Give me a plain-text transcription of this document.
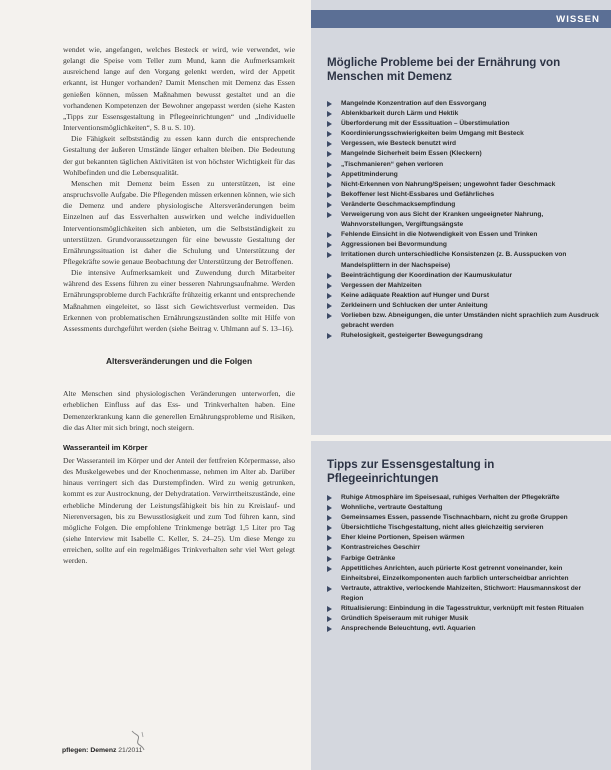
WISSEN
Mögliche Probleme bei der Ernährung von Menschen mit Demenz
Mangelnde Konzentration auf den Essvorgang
Ablenkbarkeit durch Lärm und Hektik
Überforderung mit der Esssituation – Überstimulation
Koordinierungsschwierigkeiten beim Umgang mit Besteck
Vergessen, wie Besteck benutzt wird
Mangelnde Sicherheit beim Essen (Kleckern)
„Tischmanieren“ gehen verloren
Appetitminderung
Nicht-Erkennen von Nahrung/Speisen; ungewohnt fader Geschmack
Bekoffener lest Nicht-Essbares und Gefährliches
Veränderte Geschmacksempfindung
Verweigerung von aus Sicht der Kranken ungeeigneter Nahrung, Wahnvorstellungen, Vergiftungsängste
Fehlende Einsicht in die Notwendigkeit von Essen und Trinken
Aggressionen bei Bevormundung
Irritationen durch unterschiedliche Konsistenzen (z. B. Ausspucken von Mandelsplittern in der Nachspeise)
Beeinträchtigung der Koordination der Kaumuskulatur
Vergessen der Mahlzeiten
Keine adäquate Reaktion auf Hunger und Durst
Zerkleinern und Schlucken der unter Anleitung
Vorlieben bzw. Abneigungen, die unter Umständen nicht sprachlich zum Ausdruck gebracht werden
Ruhelosigkeit, gesteigerter Bewegungsdrang
Tipps zur Essensgestaltung in Pflegeeinrichtungen
Ruhige Atmosphäre im Speisesaal, ruhiges Verhalten der Pflegekräfte
Wohnliche, vertraute Gestaltung
Gemeinsames Essen, passende Tischnachbarn, nicht zu große Gruppen
Übersichtliche Tischgestaltung, nicht alles gleichzeitig servieren
Eher kleine Portionen, Speisen wärmen
Kontrastreiches Geschirr
Farbige Getränke
Appetitliches Anrichten, auch pürierte Kost getrennt voneinander, kein Einheitsbrei, Einzelkomponenten auch farblich unterscheidbar anrichten
Vertraute, attraktive, verlockende Mahlzeiten, Stichwort: Hausmannskost der Region
Ritualisierung: Einbindung in die Tagesstruktur, verknüpft mit festen Ritualen
Gründlich Speiseraum mit ruhiger Musik
Ansprechende Beleuchtung, evtl. Aquarien

wendet wie, angefangen, welches Besteck er wird, wie verwendet, wie gelangt die Speise vom Teller zum Mund, kann die Aufmerksamkeit ausreichend lange auf den Vorgang gelenkt werden, wird der Appetit erkannt, ist Hunger vorhanden? Damit Menschen mit Demenz das Essen genießen können, müssen Maßnahmen bewusst gestaltet und an die vorhandenen Kompetenzen der Bewohner angepasst werden (siehe Kasten „Tipps zur Essensgestaltung in Pflegeeinrichtungen“ und „Individuelle Interventionsmöglichkeiten“, S. 8 u. S. 10).

Die Fähigkeit selbstständig zu essen kann durch die entsprechende Gestaltung der äußeren Umstände länger erhalten bleiben. Die Bedeutung der gut bekannten täglichen Aktivitäten ist von höchster Wichtigkeit für das Wohlbefinden und die Lebensqualität.

Menschen mit Demenz beim Essen zu unterstützen, ist eine anspruchsvolle Aufgabe. Die Pflegenden müssen erkennen können, wie sich die Demenz und andere physiologische Altersveränderungen beim Einzelnen auf das Essverhalten auswirken und welche individuellen Interventionsmöglichkeiten sich anbieten, um die Selbstständigkeit zu unterstützen. Grundvoraussetzungen für eine bewusste Gestaltung der Ernährungssituation ist daher die Schulung und Unterstützung der Pflegekräfte sowie genaue Beobachtung der Unterstützung der Betroffenen.

Die intensive Aufmerksamkeit und Zuwendung durch Mitarbeiter während des Essens führen zu einer besseren Nahrungsaufnahme. Werden Ernährungsprobleme durch Fachkräfte frühzeitig erkannt und entsprechende Maßnahmen eingeleitet, so lässt sich Gewichtsverlust vermeiden. Das Erkennen von problematischen Ernährungszuständen sollte mit Hilfe von Assessments durchgeführt werden (siehe Beitrag v. Uhlmann auf S. 13–16).

Altersveränderungen und die Folgen

Alte Menschen sind physiologischen Veränderungen unterworfen, die erheblichen Einfluss auf das Ess- und Trinkverhalten haben. Eine Demenzerkrankung kann die generellen Ernährungsprobleme und Risiken, die das Alter mit sich bringt, noch steigern.

Wasseranteil im Körper

Der Wasseranteil im Körper und der Anteil der fettfreien Körpermasse, also des Muskelgewebes und der Knochenmasse, nehmen im Alter ab. Darüber hinaus verringert sich das Durstempfinden. Wird zu wenig getrunken, kommt es zur Austrocknung, der Dehydratation. Verwirrtheitszustände, eine erhebliche Minderung der Leistungsfähigkeit bis hin zu Kreislauf- und Nierenversagen, bis zu Bewusstlosigkeit und zum Tod führen kann, sind mögliche Folgen. Die empfohlene Trinkmenge beträgt 1,5 Liter pro Tag (siehe Interview mit Isabelle C. Keller, S. 24–25). Um diese Menge zu erreichen, sollte auf ein regelmäßiges Trinkverhalten sehr viel Wert gelegt werden.

pflegen: Demenz 21/2011
